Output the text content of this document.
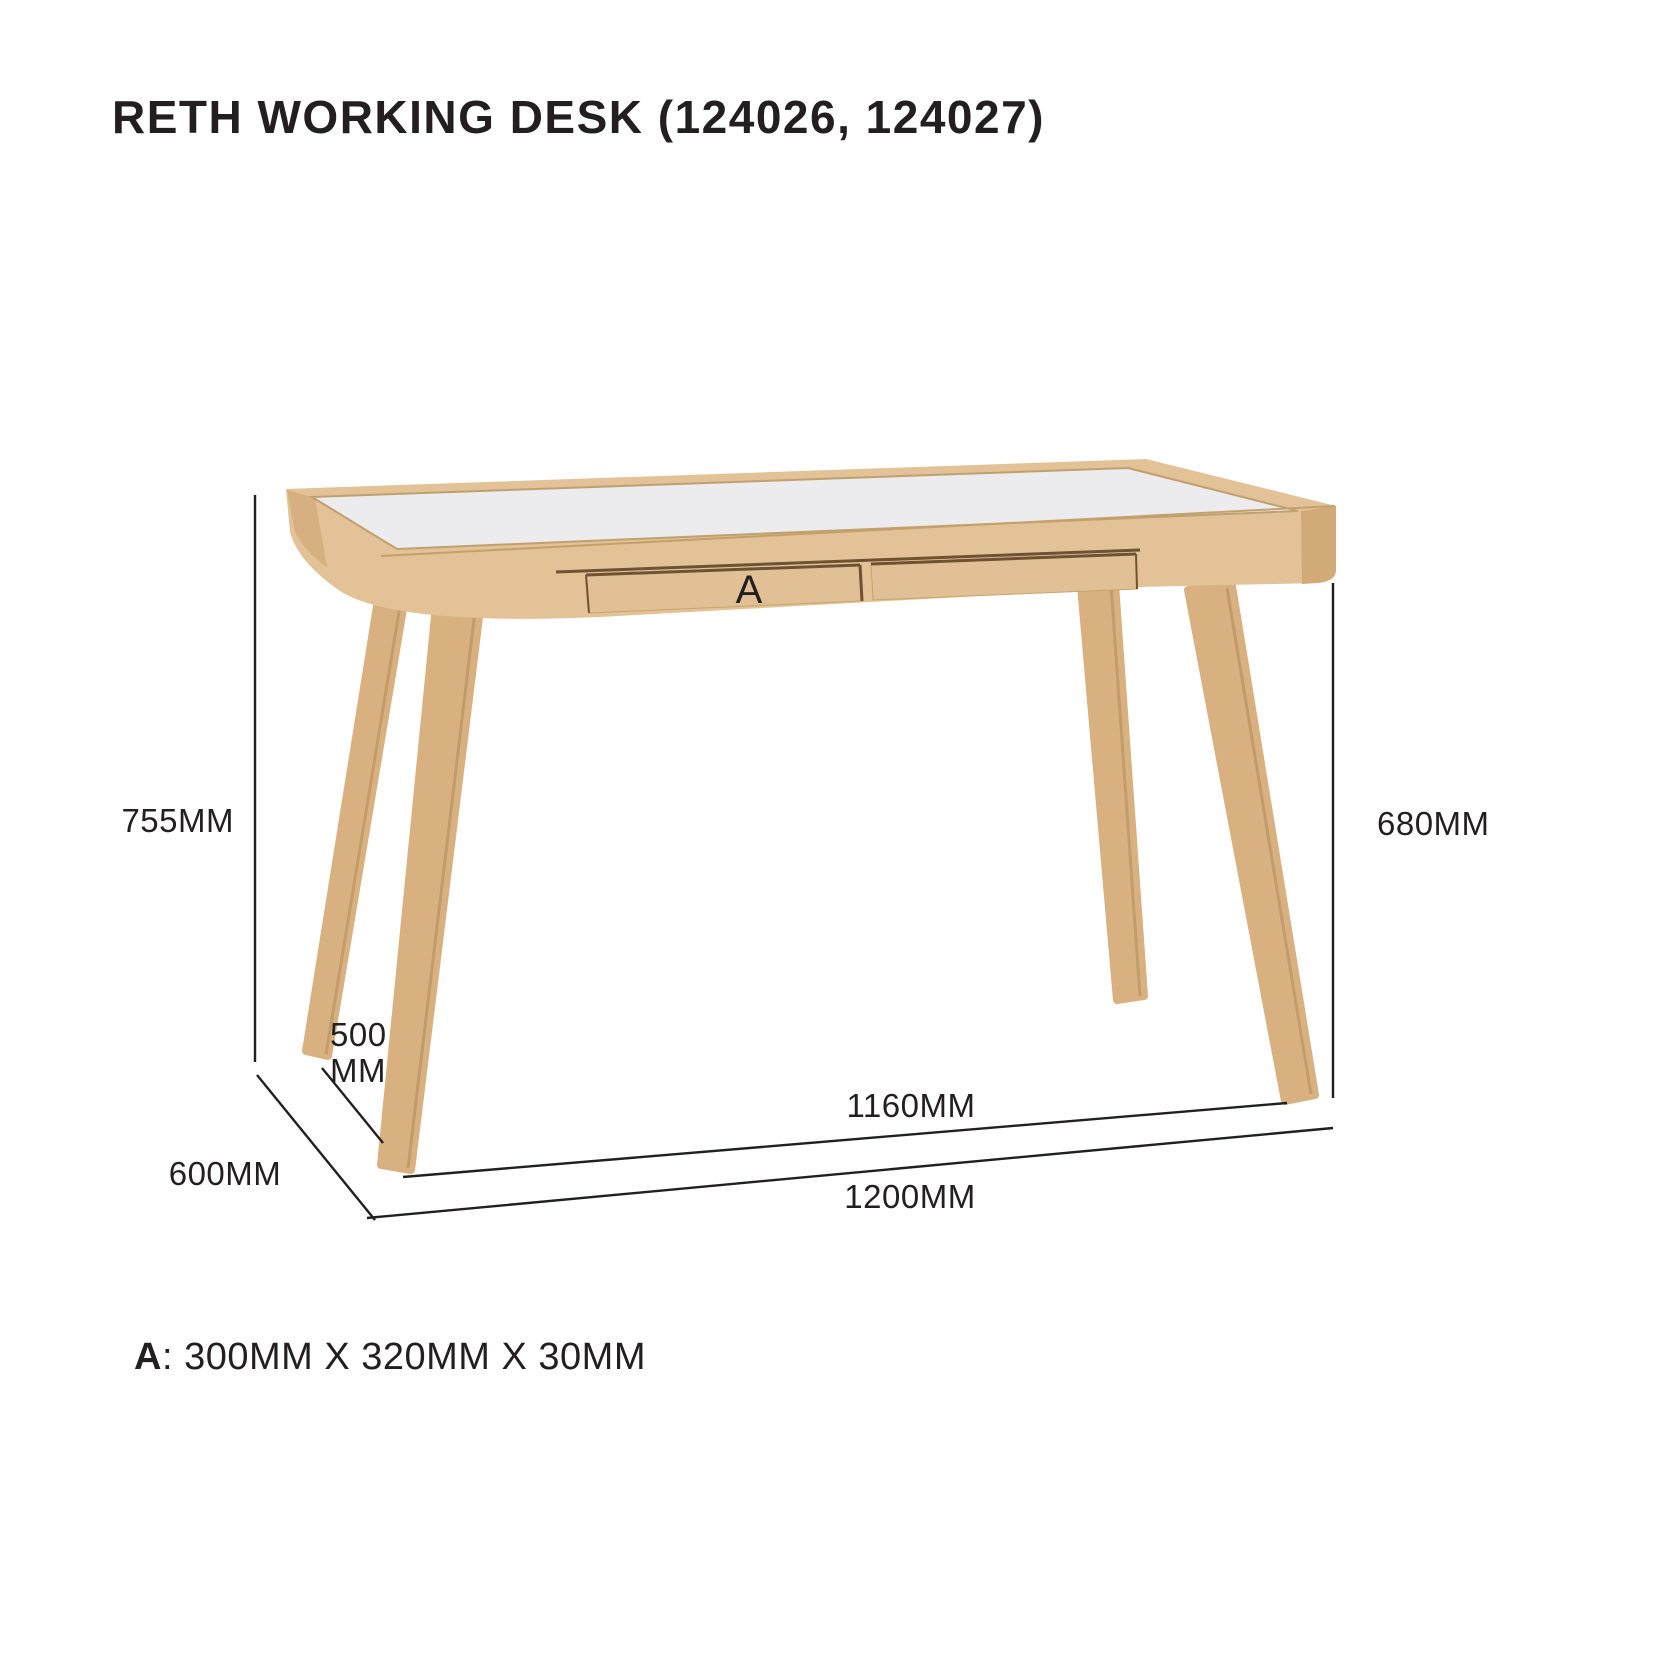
RETH WORKING DESK (124026, 124027)
A
755MM	680MM
500
MM
600MM
1160MM
1200MM
A: 300MM X 320MM X 30MM
